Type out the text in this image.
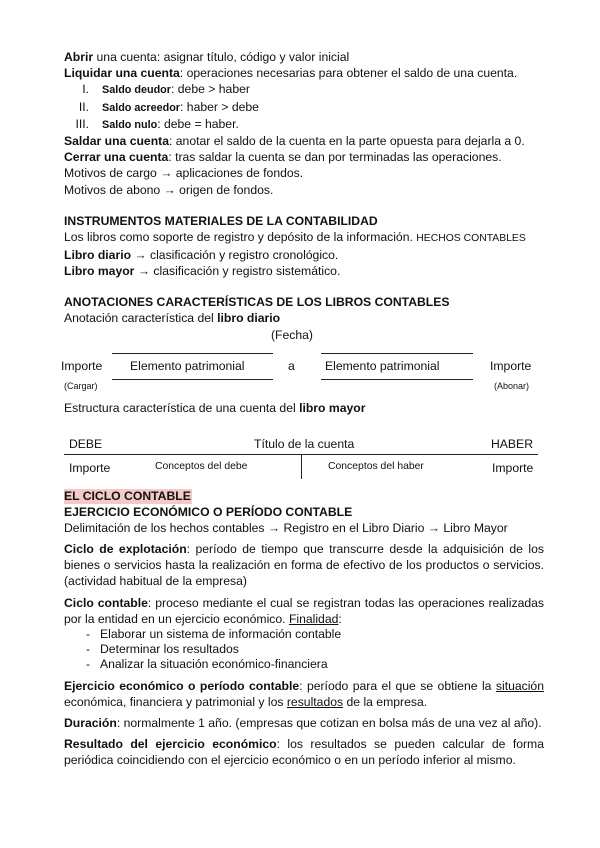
Abrir una cuenta: asignar título, código y valor inicial
Liquidar una cuenta: operaciones necesarias para obtener el saldo de una cuenta.
I. Saldo deudor: debe > haber
II. Saldo acreedor: haber > debe
III. Saldo nulo: debe = haber.
Saldar una cuenta: anotar el saldo de la cuenta en la parte opuesta para dejarla a 0.
Cerrar una cuenta: tras saldar la cuenta se dan por terminadas las operaciones.
Motivos de cargo → aplicaciones de fondos.
Motivos de abono → origen de fondos.
INSTRUMENTOS MATERIALES DE LA CONTABILIDAD
Los libros como soporte de registro y depósito de la información. HECHOS CONTABLES
Libro diario → clasificación y registro cronológico.
Libro mayor → clasificación y registro sistemático.
ANOTACIONES CARACTERÍSTICAS DE LOS LIBROS CONTABLES
Anotación característica del libro diario
(Fecha)
Importe Elemento patrimonial	a Elemento patrimonial	Importe
(Cargar)	(Abonar)
Estructura característica de una cuenta del libro mayor
DEBE	Título de la cuenta	HABER
Importe	Conceptos del debe	Conceptos del haber	Importe
EL CICLO CONTABLE
EJERCICIO ECONÓMICO O PERÍODO CONTABLE
Delimitación de los hechos contables → Registro en el Libro Diario → Libro Mayor
Ciclo de explotación: período de tiempo que transcurre desde la adquisición de los bienes o servicios hasta la realización en forma de efectivo de los productos o servicios. (actividad habitual de la empresa)
Ciclo contable: proceso mediante el cual se registran todas las operaciones realizadas por la entidad en un ejercicio económico. Finalidad:
- Elaborar un sistema de información contable
- Determinar los resultados
- Analizar la situación económico-financiera
Ejercicio económico o período contable: período para el que se obtiene la situación económica, financiera y patrimonial y los resultados de la empresa.
Duración: normalmente 1 año. (empresas que cotizan en bolsa más de una vez al año).
Resultado del ejercicio económico: los resultados se pueden calcular de forma periódica coincidiendo con el ejercicio económico o en un período inferior al mismo.
